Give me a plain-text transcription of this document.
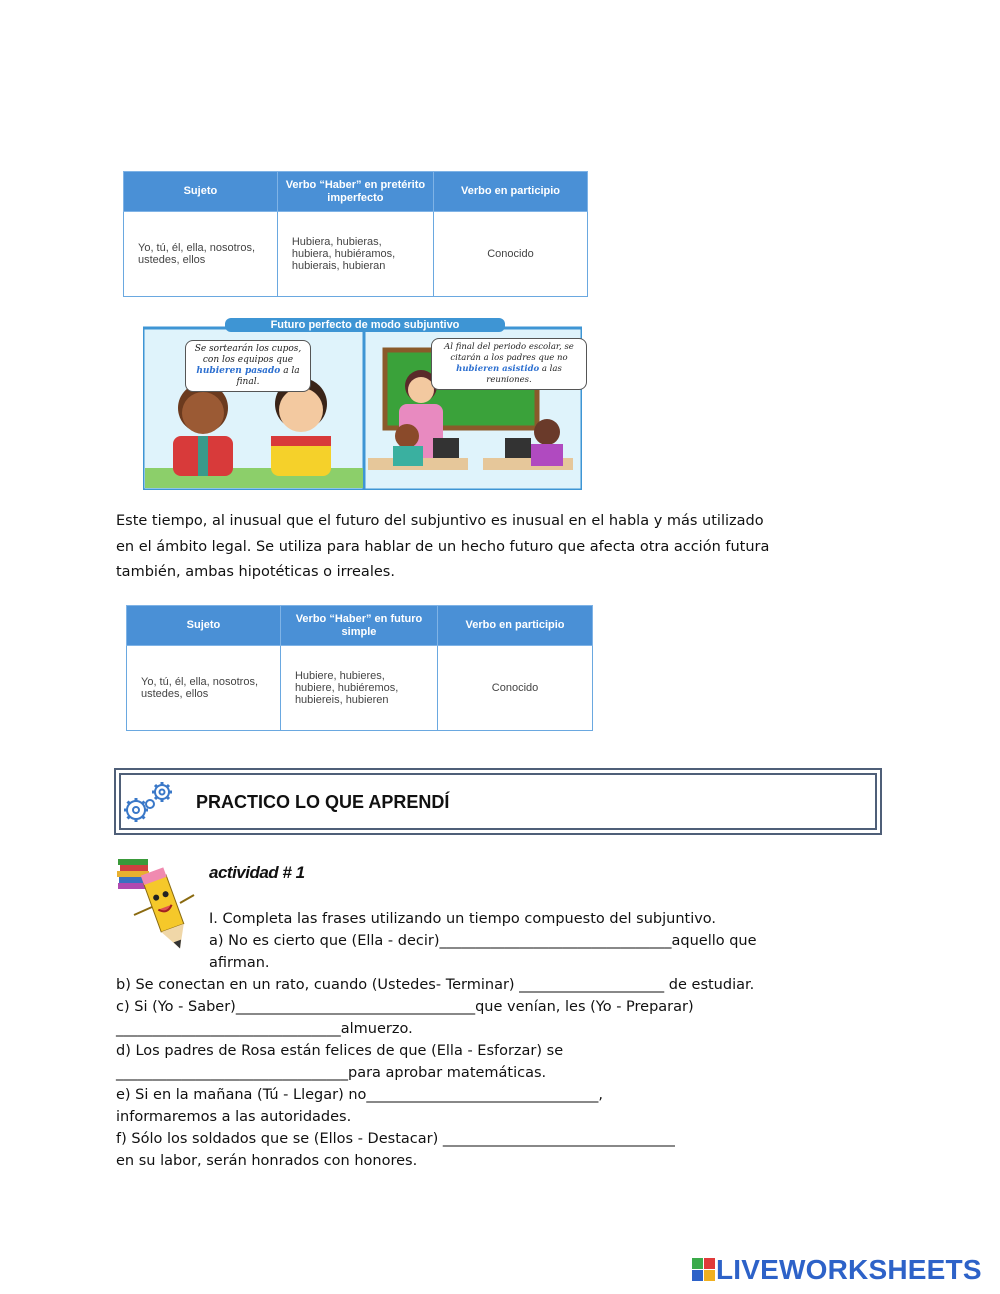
Sujeto	Verbo “Haber” en pretérito imperfecto	Verbo en participio
Yo, tú, él, ella, nosotros, ustedes, ellos	Hubiera, hubieras, hubiera, hubiéramos, hubierais, hubieran	Conocido
Futuro perfecto de modo subjuntivo
Se sortearán los cupos, con los equipos que hubieren pasado a la final.
Al final del periodo escolar, se citarán a los padres que no hubieren asistido a las reuniones.
Este tiempo, al inusual que el futuro del subjuntivo es inusual en el habla y más utilizado
en el ámbito legal. Se utiliza para hablar de un hecho futuro que afecta otra acción futura
también, ambas hipotéticas o irreales.
Sujeto	Verbo “Haber” en futuro simple	Verbo en participio
Yo, tú, él, ella, nosotros, ustedes, ellos	Hubiere, hubieres, hubiere, hubiéremos, hubiereis, hubieren	Conocido
PRACTICO LO QUE APRENDÍ
actividad # 1
I. Completa las frases utilizando un tiempo compuesto del subjuntivo.
a) No es cierto que (Ella - decir)________________________________aquello que
afirman.
b) Se conectan en un rato, cuando (Ustedes- Terminar) ____________________ de estudiar.
c) Si (Yo - Saber)_________________________________que venían, les (Yo - Preparar)
_______________________________almuerzo.
d) Los padres de Rosa están felices de que (Ella - Esforzar) se
________________________________para aprobar matemáticas.
e) Si en la mañana (Tú - Llegar) no________________________________,
informaremos a las autoridades.
f) Sólo los soldados que se (Ellos - Destacar) ________________________________
en su labor, serán honrados con honores.
LIVEWORKSHEETS
